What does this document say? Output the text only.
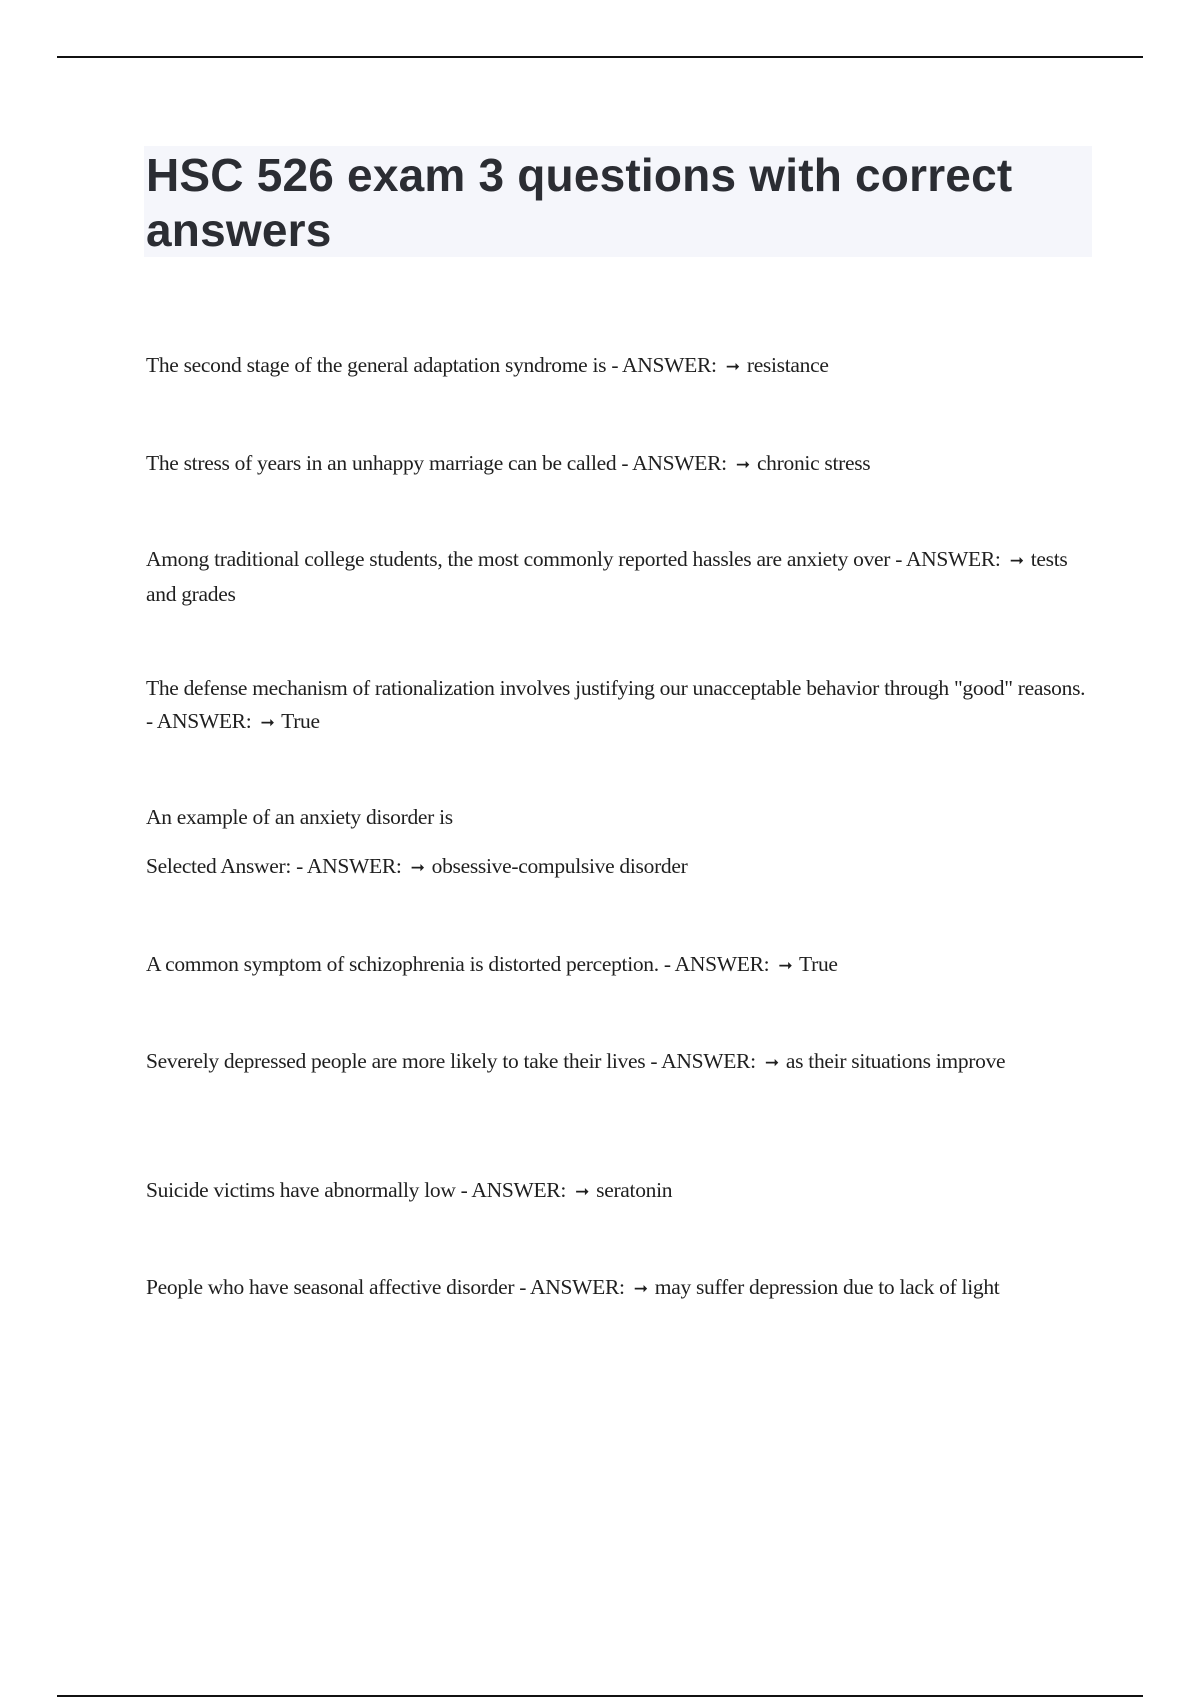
HSC 526 exam 3 questions with correct answers

The second stage of the general adaptation syndrome is - ANSWER: ➞ resistance

The stress of years in an unhappy marriage can be called - ANSWER: ➞ chronic stress

Among traditional college students, the most commonly reported hassles are anxiety over - ANSWER: ➞ tests and grades

The defense mechanism of rationalization involves justifying our unacceptable behavior through "good" reasons. - ANSWER: ➞ True

An example of an anxiety disorder is
Selected Answer: - ANSWER: ➞ obsessive-compulsive disorder

A common symptom of schizophrenia is distorted perception. - ANSWER: ➞ True

Severely depressed people are more likely to take their lives - ANSWER: ➞ as their situations improve

Suicide victims have abnormally low - ANSWER: ➞ seratonin

People who have seasonal affective disorder - ANSWER: ➞ may suffer depression due to lack of light
